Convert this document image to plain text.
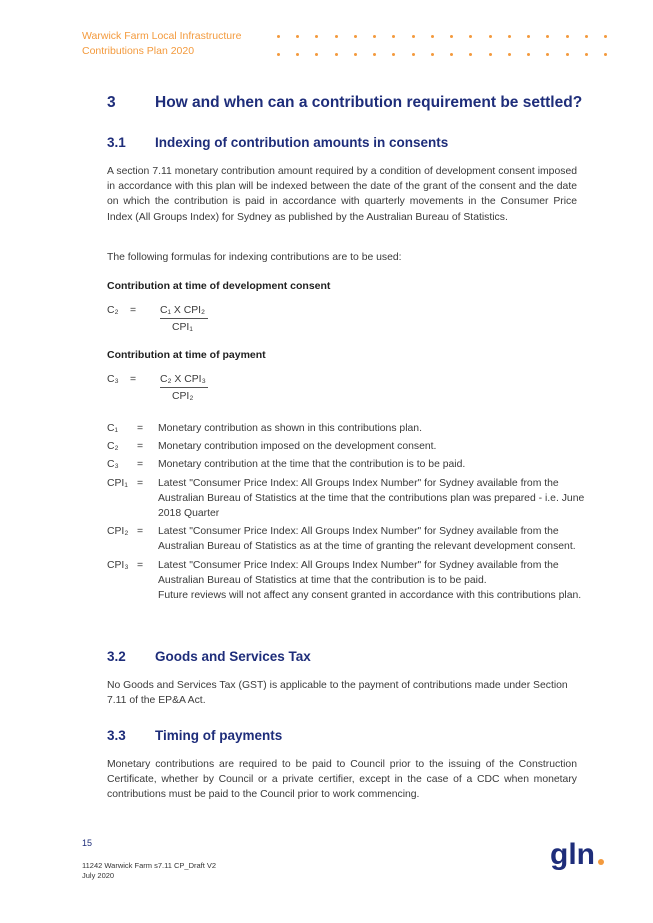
Warwick Farm Local Infrastructure
Contributions Plan 2020
3	How and when can a contribution requirement be settled?
3.1	Indexing of contribution amounts in consents
A section 7.11 monetary contribution amount required by a condition of development consent imposed in accordance with this plan will be indexed between the date of the grant of the consent and the date on which the contribution is paid in accordance with quarterly movements in the Consumer Price Index (All Groups Index) for Sydney as published by the Australian Bureau of Statistics.
The following formulas for indexing contributions are to be used:
Contribution at time of development consent
C₂ = C₁ X CPI₂
CPI₁
Contribution at time of payment
C₃ = C₂ X CPI₃
CPI₂
C₁	=	Monetary contribution as shown in this contributions plan.
C₂	=	Monetary contribution imposed on the development consent.
C₃	=	Monetary contribution at the time that the contribution is to be paid.
CPI₁ =	Latest "Consumer Price Index: All Groups Index Number" for Sydney available from the Australian Bureau of Statistics at the time that the contributions plan was prepared - i.e. June 2018 Quarter
CPI₂ =	Latest "Consumer Price Index: All Groups Index Number" for Sydney available from the Australian Bureau of Statistics as at the time of granting the relevant development consent.
CPI₃ =	Latest "Consumer Price Index: All Groups Index Number" for Sydney available from the Australian Bureau of Statistics at time that the contribution is to be paid.
Future reviews will not affect any consent granted in accordance with this contributions plan.
3.2	Goods and Services Tax
No Goods and Services Tax (GST) is applicable to the payment of contributions made under Section 7.11 of the EP&A Act.
3.3	Timing of payments
Monetary contributions are required to be paid to Council prior to the issuing of the Construction Certificate, whether by Council or a private certifier, except in the case of a CDC when monetary contributions must be paid to the Council prior to work commencing.
15
11242 Warwick Farm s7.11 CP_Draft V2
July 2020
gln
